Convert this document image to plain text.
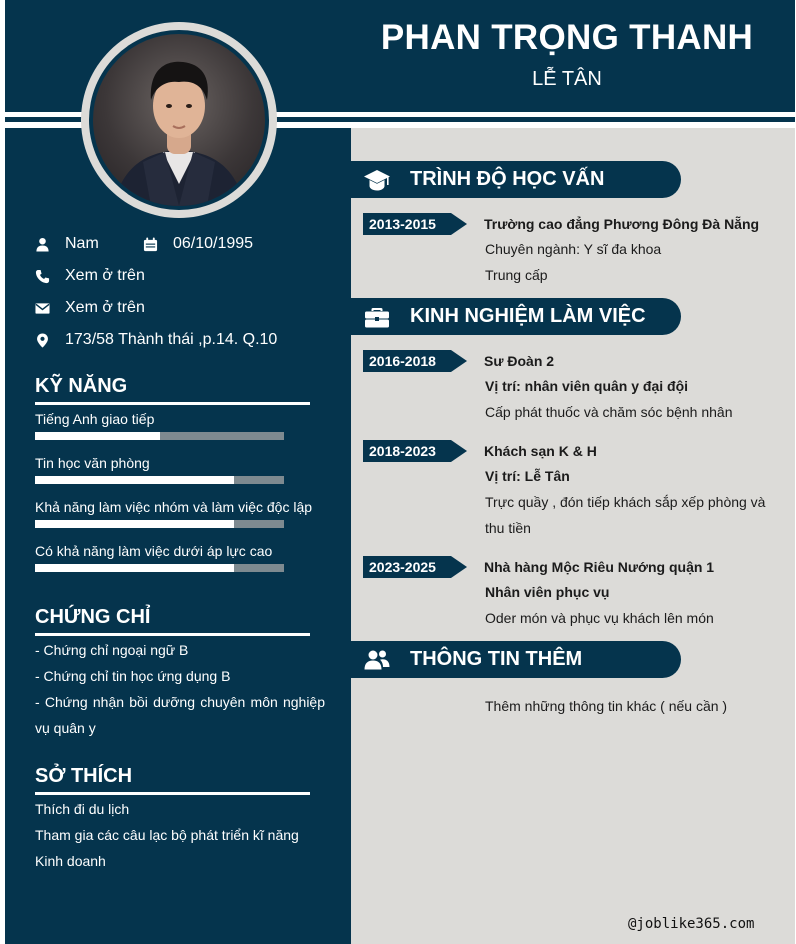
PHAN TRỌNG THANH
LỄ TÂN
Nam	06/10/1995
Xem ở trên
Xem ở trên
173/58 Thành thái ,p.14. Q.10
KỸ NĂNG
Tiếng Anh giao tiếp
Tin học văn phòng
Khả năng làm việc nhóm và làm việc độc lập
Có khả năng làm việc dưới áp lực cao
CHỨNG CHỈ
- Chứng chỉ ngoại ngữ B
- Chứng chỉ tin học ứng dụng B
- Chứng nhận bồi dưỡng chuyên môn nghiệp
vụ quân y
SỞ THÍCH
Thích đi du lịch
Tham gia các câu lạc bộ phát triển kĩ năng
Kinh doanh
TRÌNH ĐỘ HỌC VẤN
2013-2015	Trường cao đẳng Phương Đông Đà Nẵng
Chuyên ngành: Y sĩ đa khoa
Trung cấp
KINH NGHIỆM LÀM VIỆC
2016-2018	Sư Đoàn 2
Vị trí: nhân viên quân y đại đội
Cấp phát thuốc và chăm sóc bệnh nhân
2018-2023	Khách sạn K & H
Vị trí: Lễ Tân
Trực quầy , đón tiếp khách sắp xếp phòng và
thu tiền
2023-2025	Nhà hàng Mộc Riêu Nướng quận 1
Nhân viên phục vụ
Oder món và phục vụ khách lên món
THÔNG TIN THÊM
Thêm những thông tin khác ( nếu cần )
@joblike365.com
